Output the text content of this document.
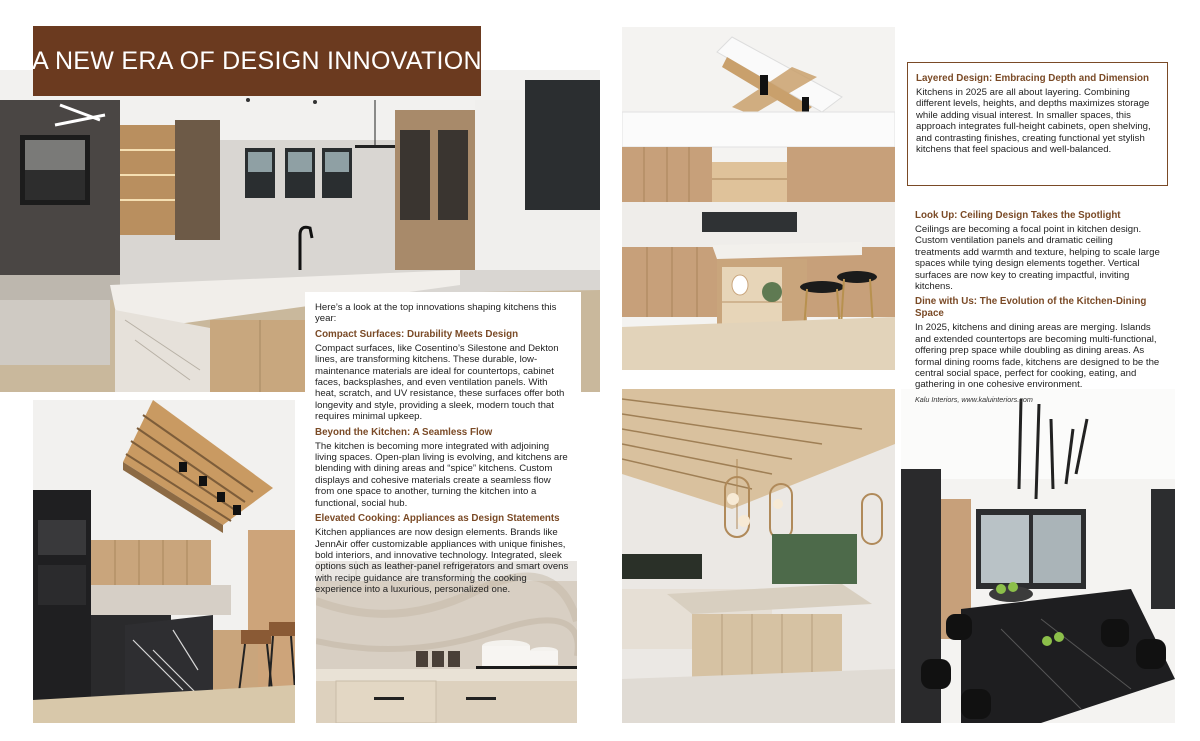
A NEW ERA OF DESIGN INNOVATION

Here’s a look at the top innovations shaping kitchens this year:

Compact Surfaces: Durability Meets Design

Compact surfaces, like Cosentino’s Silestone and Dekton lines, are transforming kitchens. These durable, low-maintenance materials are ideal for countertops, cabinet faces, backsplashes, and even ventilation panels. With heat, scratch, and UV resistance, these surfaces offer both longevity and style, providing a sleek, modern touch that requires minimal upkeep.

Beyond the Kitchen: A Seamless Flow

The kitchen is becoming more integrated with adjoining living spaces. Open-plan living is evolving, and kitchens are blending with dining areas and “spice” kitchens. Custom displays and cohesive materials create a seamless flow from one space to another, turning the kitchen into a functional, social hub.

Elevated Cooking: Appliances as Design Statements

Kitchen appliances are now design elements. Brands like JennAir offer customizable appliances with unique finishes, bold interiors, and innovative technology. Integrated, sleek options such as leather-panel refrigerators and smart ovens with recipe guidance are transforming the cooking experience into a luxurious, personalized one.

Layered Design: Embracing Depth and Dimension

Kitchens in 2025 are all about layering. Combining different levels, heights, and depths maximizes storage while adding visual interest. In smaller spaces, this approach integrates full-height cabinets, open shelving, and contrasting finishes, creating functional yet stylish kitchens that feel spacious and well-balanced.

Look Up: Ceiling Design Takes the Spotlight

Ceilings are becoming a focal point in kitchen design. Custom ventilation panels and dramatic ceiling treatments add warmth and texture, helping to scale large spaces while tying design elements together. Vertical surfaces are now key to creating impactful, inviting kitchens.

Dine with Us: The Evolution of the Kitchen-Dining Space

In 2025, kitchens and dining areas are merging. Islands and extended countertops are becoming multi-functional, offering prep space while doubling as dining areas. As formal dining rooms fade, kitchens are designed to be the central social space, perfect for cooking, eating, and gathering in one cohesive environment.

Kalu Interiors, www.kaluinteriors.com
